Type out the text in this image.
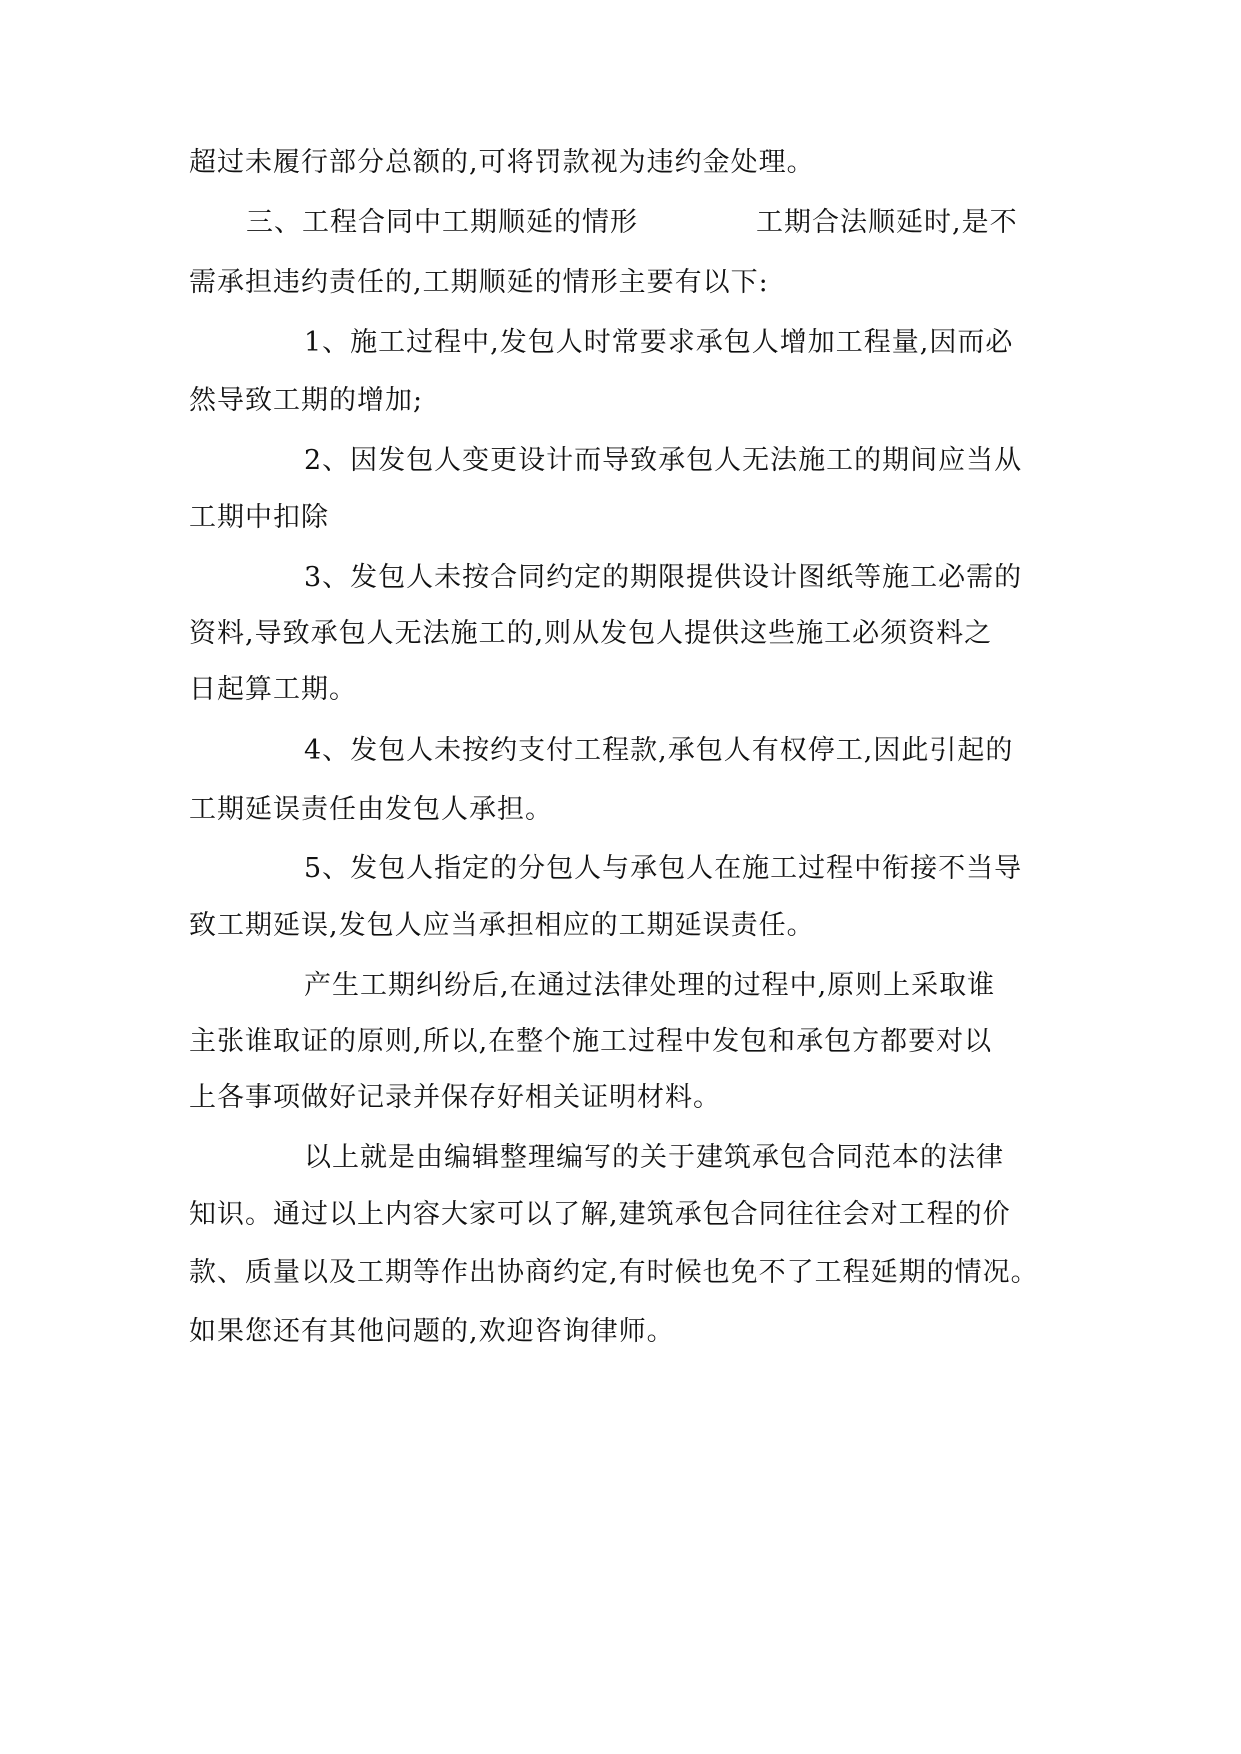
超过未履行部分总额的,可将罚款视为违约金处理。
三、工程合同中工期顺延的情形	工期合法顺延时,是不
需承担违约责任的,工期顺延的情形主要有以下:
1、施工过程中,发包人时常要求承包人增加工程量,因而必
然导致工期的增加;
2、因发包人变更设计而导致承包人无法施工的期间应当从
工期中扣除
3、发包人未按合同约定的期限提供设计图纸等施工必需的
资料,导致承包人无法施工的,则从发包人提供这些施工必须资料之
日起算工期。
4、发包人未按约支付工程款,承包人有权停工,因此引起的
工期延误责任由发包人承担。
5、发包人指定的分包人与承包人在施工过程中衔接不当导
致工期延误,发包人应当承担相应的工期延误责任。
产生工期纠纷后,在通过法律处理的过程中,原则上采取谁
主张谁取证的原则,所以,在整个施工过程中发包和承包方都要对以
上各事项做好记录并保存好相关证明材料。
以上就是由编辑整理编写的关于建筑承包合同范本的法律
知识。通过以上内容大家可以了解,建筑承包合同往往会对工程的价
款、质量以及工期等作出协商约定,有时候也免不了工程延期的情况。
如果您还有其他问题的,欢迎咨询律师。
